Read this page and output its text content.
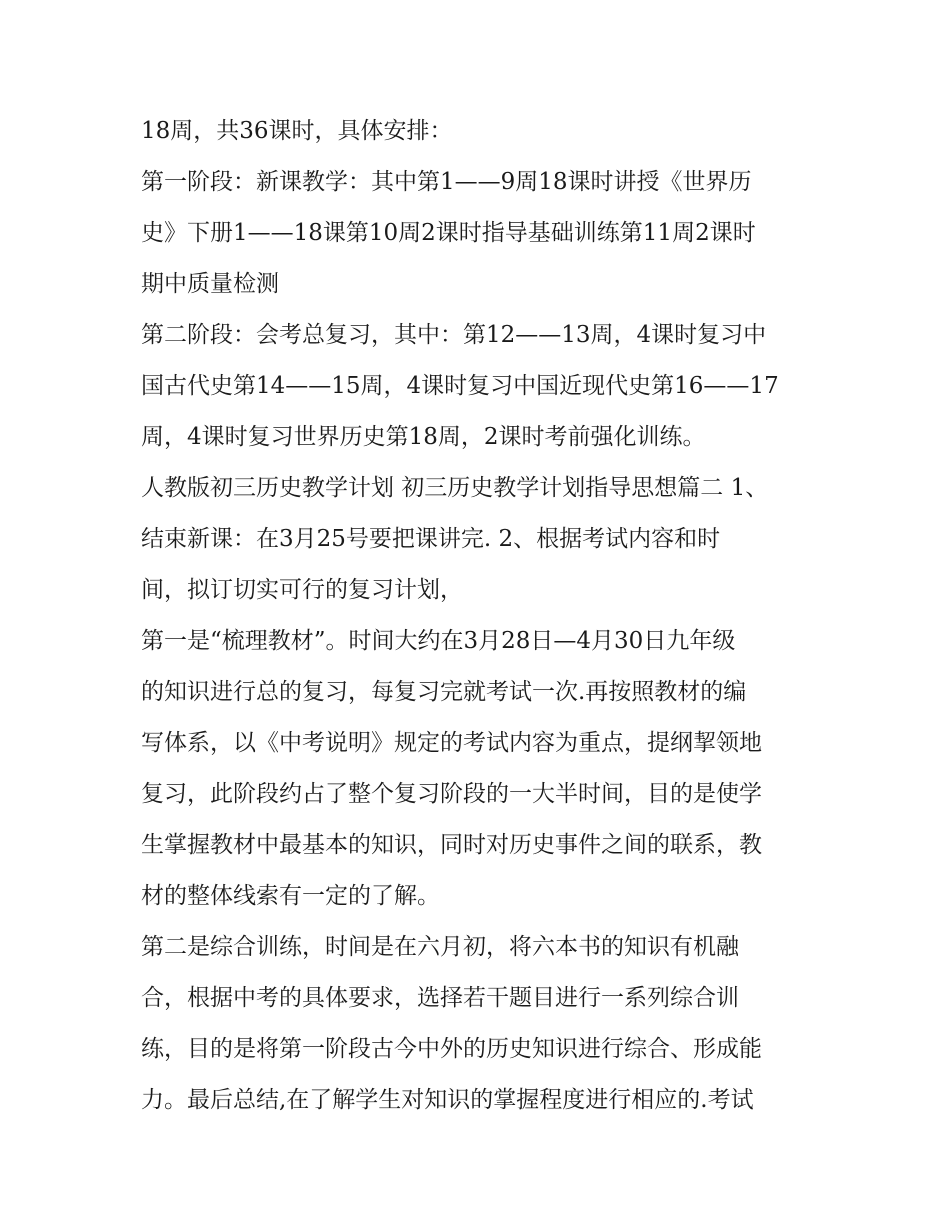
18周，共36课时，具体安排：
第一阶段：新课教学：其中第1——9周18课时讲授《世界历
史》下册1——18课第10周2课时指导基础训练第11周2课时
期中质量检测
第二阶段：会考总复习，其中：第12——13周，4课时复习中
国古代史第14——15周，4课时复习中国近现代史第16——17
周，4课时复习世界历史第18周，2课时考前强化训练。
人教版初三历史教学计划 初三历史教学计划指导思想篇二 1、
结束新课：在3月25号要把课讲完. 2、根据考试内容和时
间，拟订切实可行的复习计划，
第一是“梳理教材”。时间大约在3月28日—4月30日九年级
的知识进行总的复习，每复习完就考试一次.再按照教材的编
写体系，以《中考说明》规定的考试内容为重点，提纲挈领地
复习，此阶段约占了整个复习阶段的一大半时间，目的是使学
生掌握教材中最基本的知识，同时对历史事件之间的联系，教
材的整体线索有一定的了解。
第二是综合训练，时间是在六月初，将六本书的知识有机融
合，根据中考的具体要求，选择若干题目进行一系列综合训
练，目的是将第一阶段古今中外的历史知识进行综合、形成能
力。最后总结,在了解学生对知识的掌握程度进行相应的.考试
